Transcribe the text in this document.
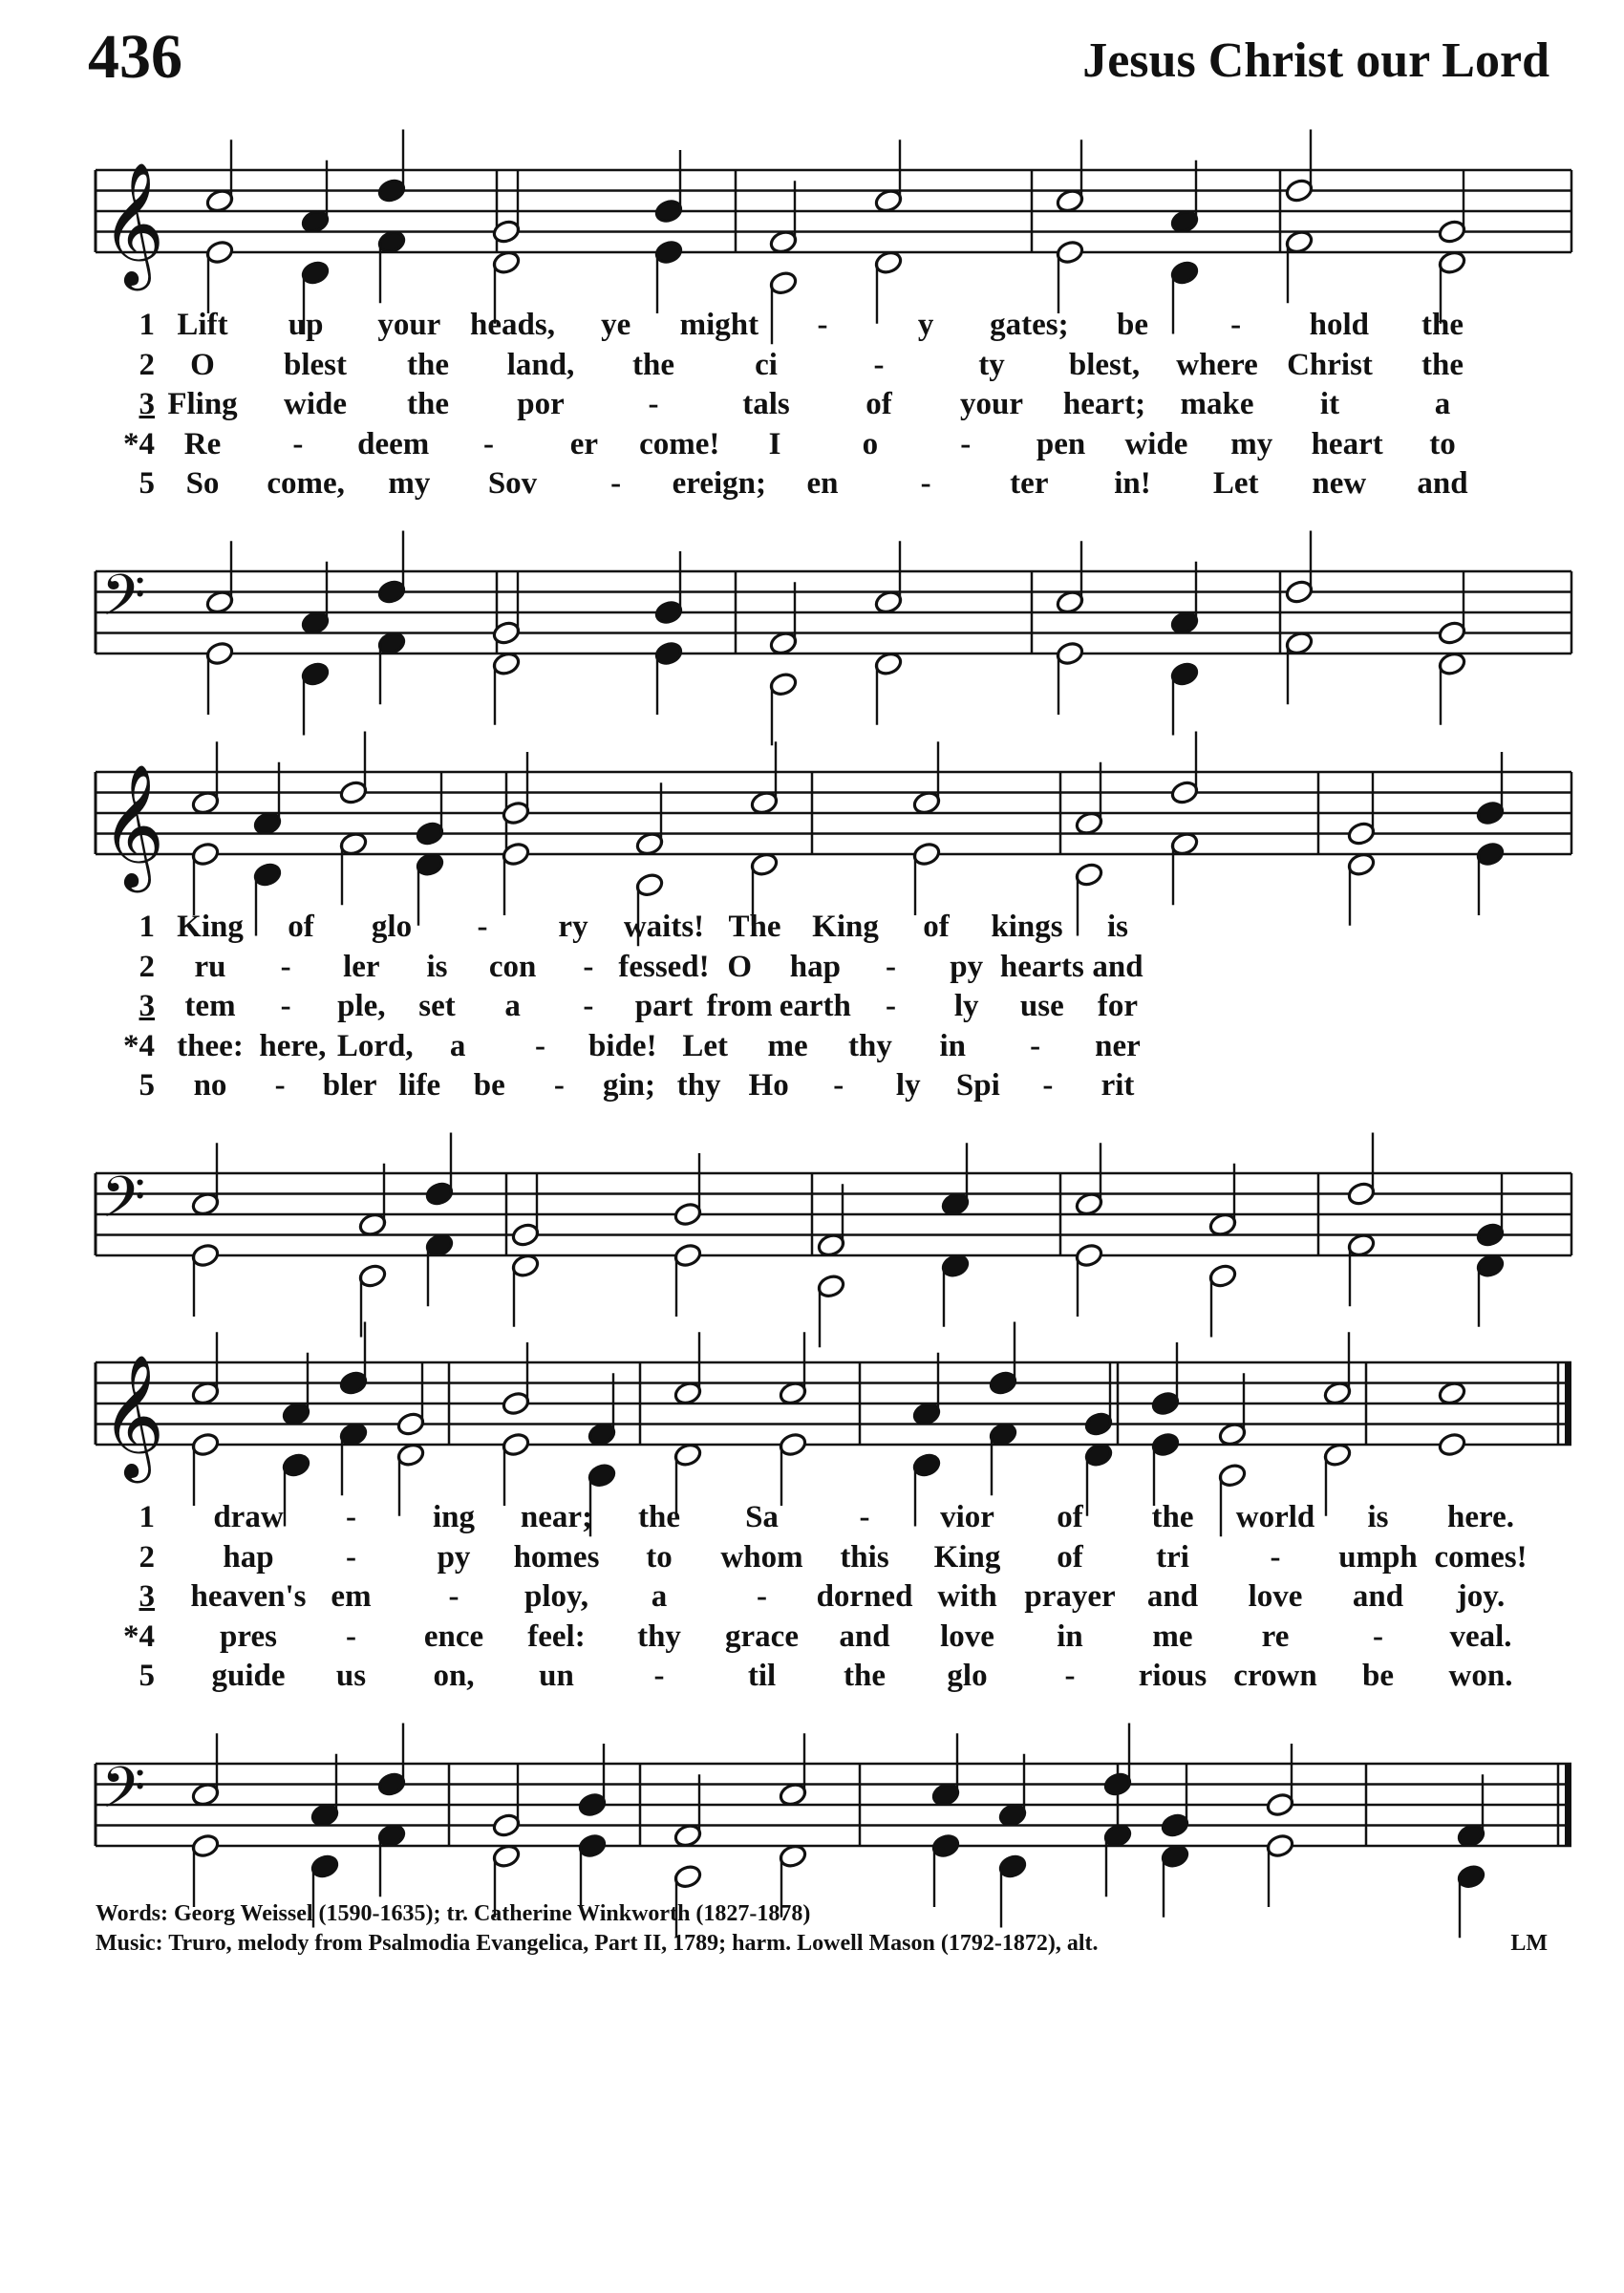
436	Jesus Christ our Lord
𝄞
1 Lift up your heads, ye might -	y gates; be	- hold the
2 O blest the land, the	ci	-	ty blest, where Christ the
3 Fling wide the por	-	tals of your heart; make it	a
*4 Re - deem - er come! I	o	- pen wide my heart to
5 So come, my Sov - ereign; en	-	ter in! Let new and
𝄢
𝄞
1 King of glo - ry waits! The King of kings is
2 ru - ler is con - fessed! O hap - py hearts and
3 tem - ple, set a - part from earth - ly use for
*4 thee: here, Lord, a - bide! Let me thy in - ner
5 no - bler life be - gin; thy Ho - ly Spi - rit
𝄢
𝄞
1 draw - ing near; the Sa	- vior of the world is here.
2 hap -	py homes to whom this King of tri	- umph comes!
3 heaven's em - ploy, a	- dorned with prayer and love and joy.
*4 pres - ence feel: thy grace and love in me re	- veal.
5 guide us on, un	-	til the glo - rious crown be won.
𝄢
Words: Georg Weissel (1590-1635); tr. Catherine Winkworth (1827-1878)
Music: Truro, melody from Psalmodia Evangelica, Part II, 1789; harm. Lowell Mason (1792-1872), alt.	LM
